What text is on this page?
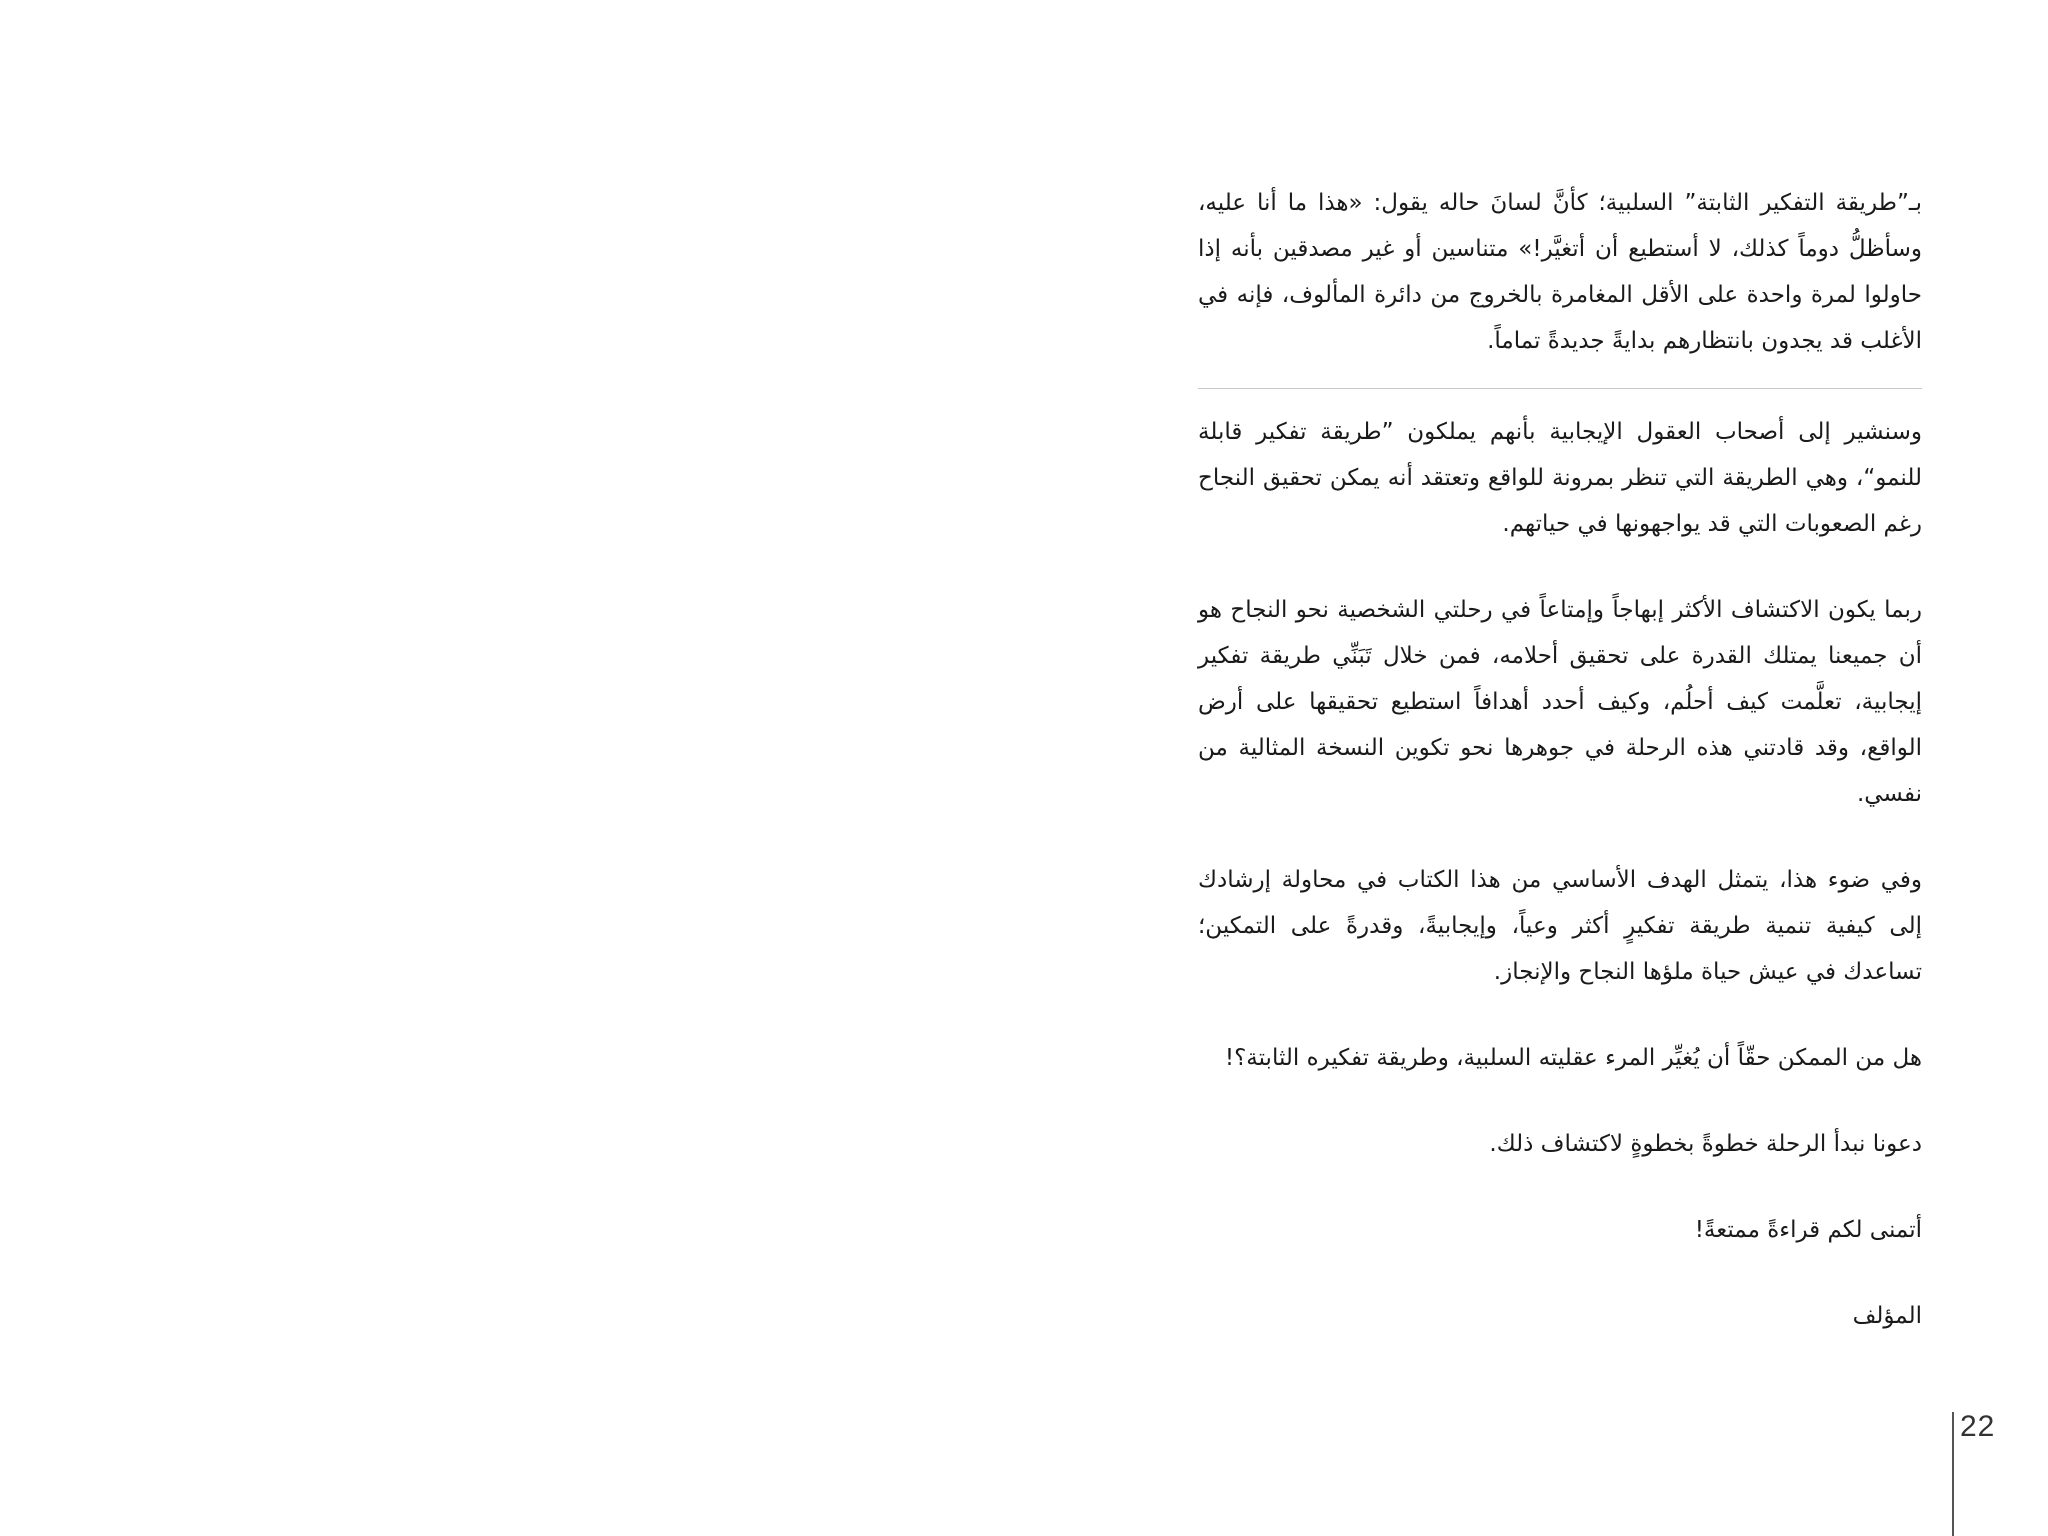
بـ”طريقة التفكير الثابتة” السلبية؛ كأنَّ لسانَ حاله يقول: «هذا ما أنا عليه، وسأظلُّ دوماً كذلك، لا أستطيع أن أتغيَّر!» متناسين أو غير مصدقين بأنه إذا حاولوا لمرة واحدة على الأقل المغامرة بالخروج من دائرة المألوف، فإنه في الأغلب قد يجدون بانتظارهم بدايةً جديدةً تماماً.

وسنشير إلى أصحاب العقول الإيجابية بأنهم يملكون ”طريقة تفكير قابلة للنمو“، وهي الطريقة التي تنظر بمرونة للواقع وتعتقد أنه يمكن تحقيق النجاح رغم الصعوبات التي قد يواجهونها في حياتهم.

ربما يكون الاكتشاف الأكثر إبهاجاً وإمتاعاً في رحلتي الشخصية نحو النجاح هو أن جميعنا يمتلك القدرة على تحقيق أحلامه، فمن خلال تَبَنِّي طريقة تفكير إيجابية، تعلَّمت كيف أحلُم، وكيف أحدد أهدافاً استطيع تحقيقها على أرض الواقع، وقد قادتني هذه الرحلة في جوهرها نحو تكوين النسخة المثالية من نفسي.

وفي ضوء هذا، يتمثل الهدف الأساسي من هذا الكتاب في محاولة إرشادك إلى كيفية تنمية طريقة تفكيرٍ أكثر وعياً، وإيجابيةً، وقدرةً على التمكين؛ تساعدك في عيش حياة ملؤها النجاح والإنجاز.

هل من الممكن حقّاً أن يُغيِّر المرء عقليته السلبية، وطريقة تفكيره الثابتة؟!

دعونا نبدأ الرحلة خطوةً بخطوةٍ لاكتشاف ذلك.

أتمنى لكم قراءةً ممتعةً!

المؤلف

22
